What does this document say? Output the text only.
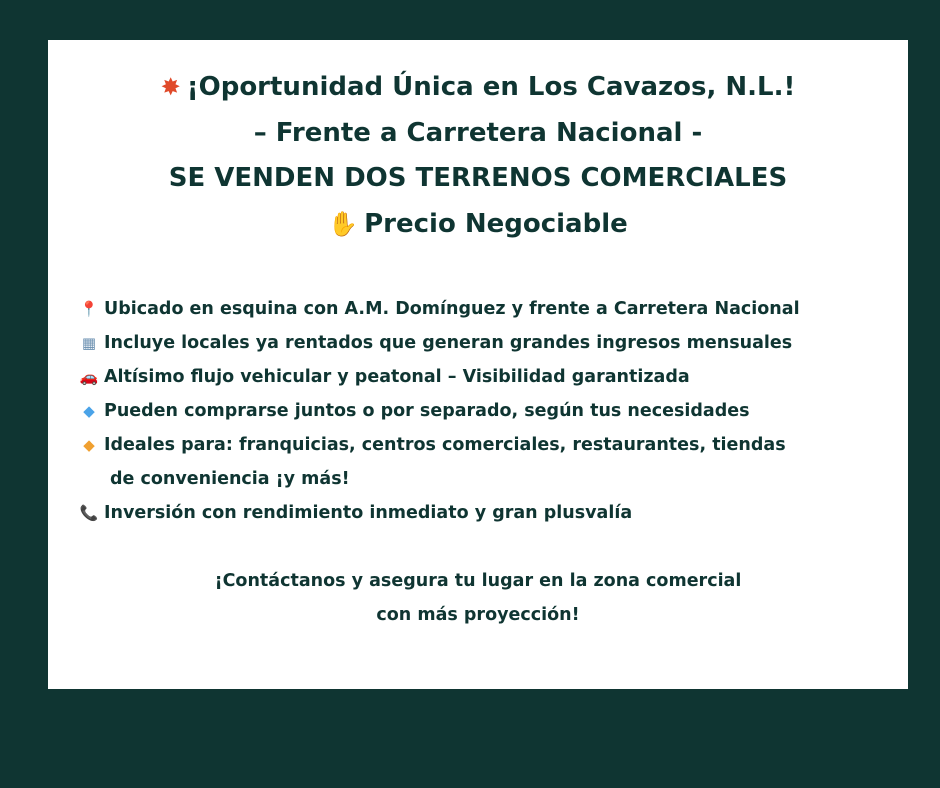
✸ ¡Oportunidad Única en Los Cavazos, N.L.!
– Frente a Carretera Nacional -
SE VENDEN DOS TERRENOS COMERCIALES
✋ Precio Negociable
📍 Ubicado en esquina con A.M. Domínguez y frente a Carretera Nacional
▦ Incluye locales ya rentados que generan grandes ingresos mensuales
🚗 Altísimo flujo vehicular y peatonal – Visibilidad garantizada
◆ Pueden comprarse juntos o por separado, según tus necesidades
◆ Ideales para: franquicias, centros comerciales, restaurantes, tiendas
de conveniencia ¡y más!
📞 Inversión con rendimiento inmediato y gran plusvalía
¡Contáctanos y asegura tu lugar en la zona comercial
con más proyección!
